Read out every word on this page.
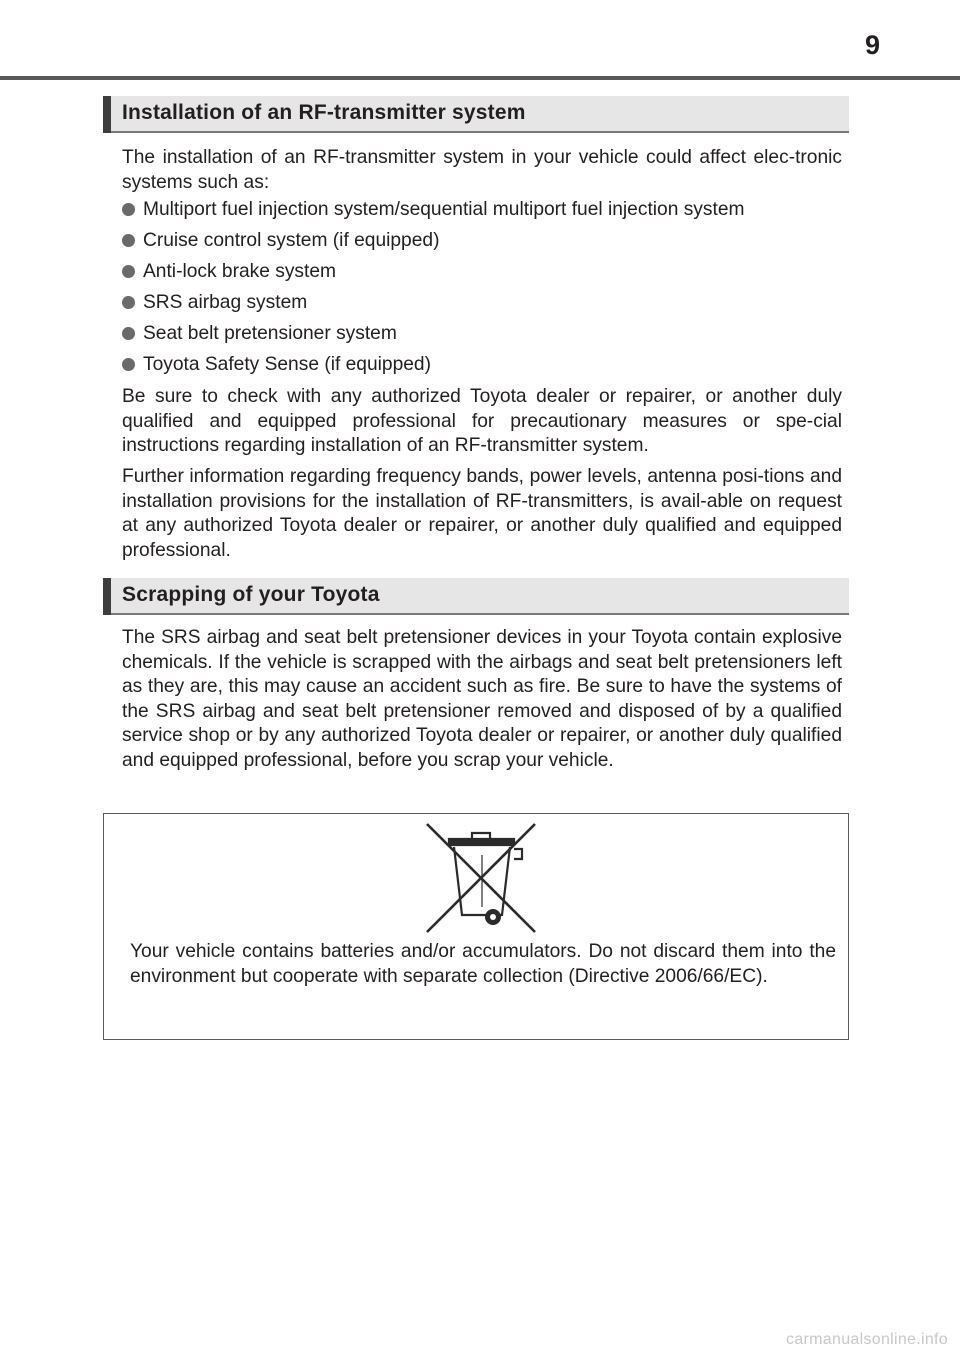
9
Installation of an RF-transmitter system
The installation of an RF-transmitter system in your vehicle could affect elec-tronic systems such as:
Multiport fuel injection system/sequential multiport fuel injection system
Cruise control system (if equipped)
Anti-lock brake system
SRS airbag system
Seat belt pretensioner system
Toyota Safety Sense (if equipped)
Be sure to check with any authorized Toyota dealer or repairer, or another duly qualified and equipped professional for precautionary measures or spe-cial instructions regarding installation of an RF-transmitter system.
Further information regarding frequency bands, power levels, antenna posi-tions and installation provisions for the installation of RF-transmitters, is avail-able on request at any authorized Toyota dealer or repairer, or another duly qualified and equipped professional.
Scrapping of your Toyota
The SRS airbag and seat belt pretensioner devices in your Toyota contain explosive chemicals. If the vehicle is scrapped with the airbags and seat belt pretensioners left as they are, this may cause an accident such as fire. Be sure to have the systems of the SRS airbag and seat belt pretensioner removed and disposed of by a qualified service shop or by any authorized Toyota dealer or repairer, or another duly qualified and equipped professional, before you scrap your vehicle.
Your vehicle contains batteries and/or accumulators. Do not discard them into the environment but cooperate with separate collection (Directive 2006/66/EC).
carmanualsonline.info
